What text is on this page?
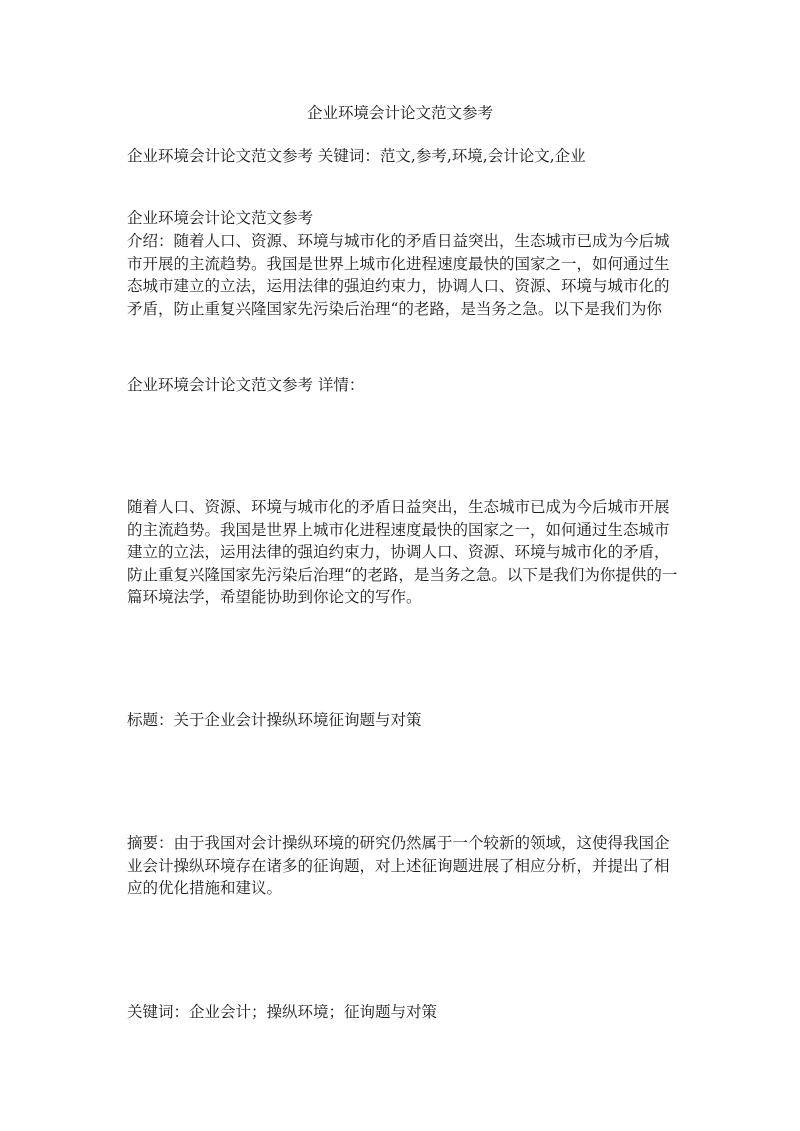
企业环境会计论文范文参考

企业环境会计论文范文参考 关键词：范文,参考,环境,会计论文,企业

企业环境会计论文范文参考

介绍：随着人口、资源、环境与城市化的矛盾日益突出，生态城市已成为今后城市开展的主流趋势。我国是世界上城市化进程速度最快的国家之一，如何通过生态城市建立的立法，运用法律的强迫约束力，协调人口、资源、环境与城市化的矛盾，防止重复兴隆国家先污染后治理“的老路，是当务之急。以下是我们为你

企业环境会计论文范文参考 详情：

随着人口、资源、环境与城市化的矛盾日益突出，生态城市已成为今后城市开展的主流趋势。我国是世界上城市化进程速度最快的国家之一，如何通过生态城市建立的立法，运用法律的强迫约束力，协调人口、资源、环境与城市化的矛盾，防止重复兴隆国家先污染后治理“的老路，是当务之急。以下是我们为你提供的一篇环境法学，希望能协助到你论文的写作。

标题：关于企业会计操纵环境征询题与对策

摘要：由于我国对会计操纵环境的研究仍然属于一个较新的领域，这使得我国企业会计操纵环境存在诸多的征询题，对上述征询题进展了相应分析，并提出了相应的优化措施和建议。

关键词：企业会计；操纵环境；征询题与对策
